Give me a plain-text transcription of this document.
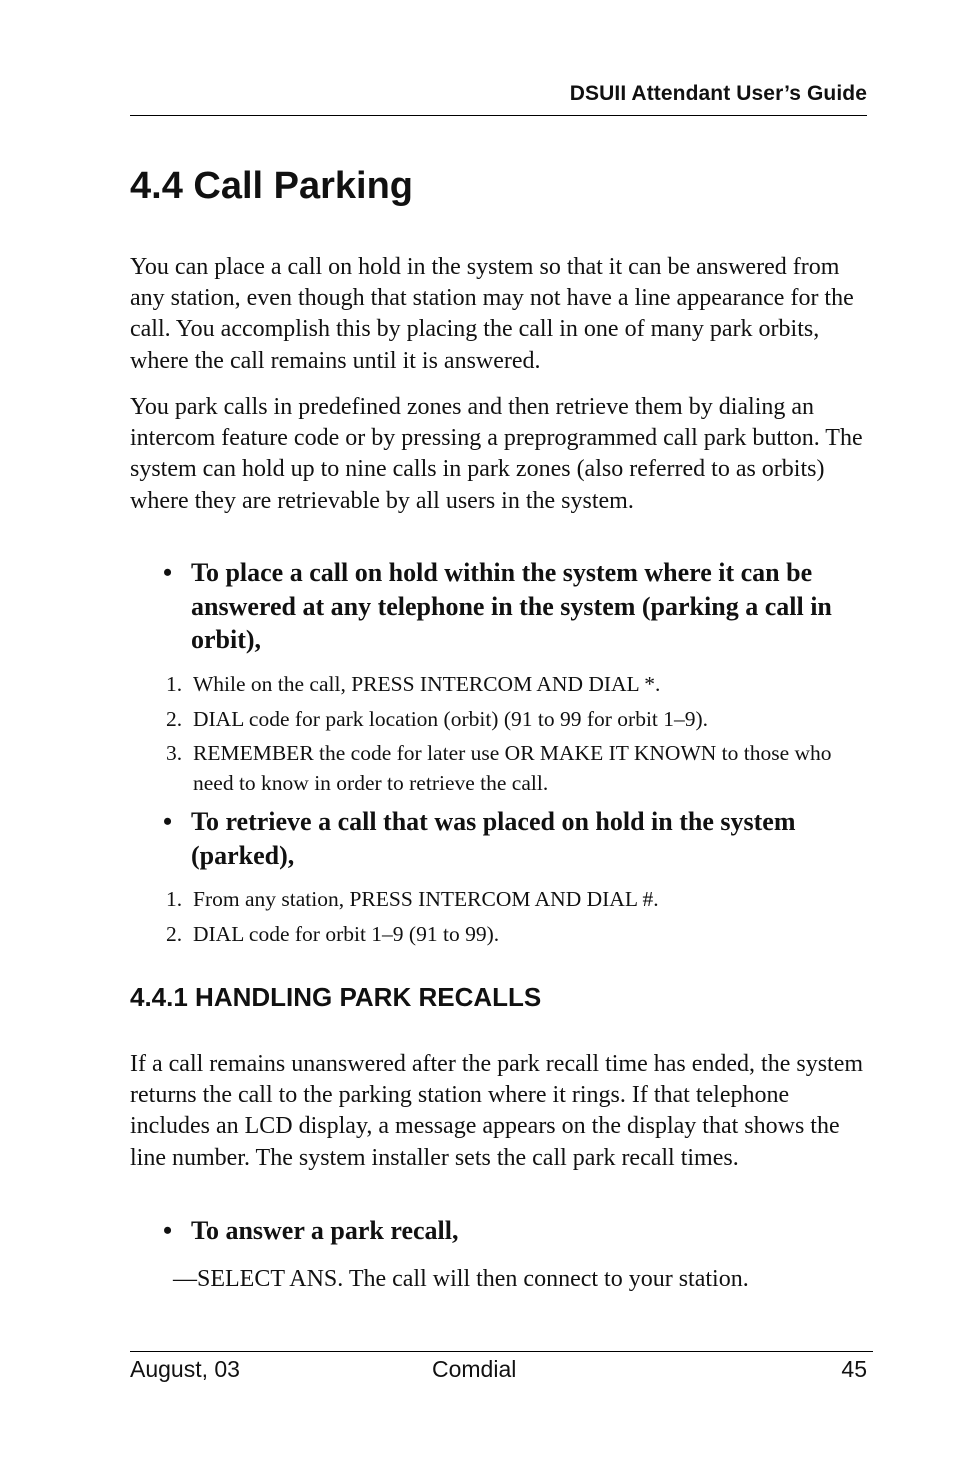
DSUII Attendant User’s Guide
4.4 Call Parking

You can place a call on hold in the system so that it can be answered from any station, even though that station may not have a line appearance for the call. You accomplish this by placing the call in one of many park orbits, where the call remains until it is answered.

You park calls in predefined zones and then retrieve them by dialing an intercom feature code or by pressing a preprogrammed call park button. The system can hold up to nine calls in park zones (also referred to as orbits) where they are retrievable by all users in the system.

• To place a call on hold within the system where it can be answered at any telephone in the system (parking a call in orbit),
1. While on the call, PRESS INTERCOM AND DIAL *.
2. DIAL code for park location (orbit) (91 to 99 for orbit 1–9).
3. REMEMBER the code for later use OR MAKE IT KNOWN to those who need to know in order to retrieve the call.
• To retrieve a call that was placed on hold in the system (parked),
1. From any station, PRESS INTERCOM AND DIAL #.
2. DIAL code for orbit 1–9 (91 to 99).
4.4.1 HANDLING PARK RECALLS

If a call remains unanswered after the park recall time has ended, the system returns the call to the parking station where it rings. If that telephone includes an LCD display, a message appears on the display that shows the line number. The system installer sets the call park recall times.

• To answer a park recall,

—SELECT ANS. The call will then connect to your station.

August, 03	Comdial	45
